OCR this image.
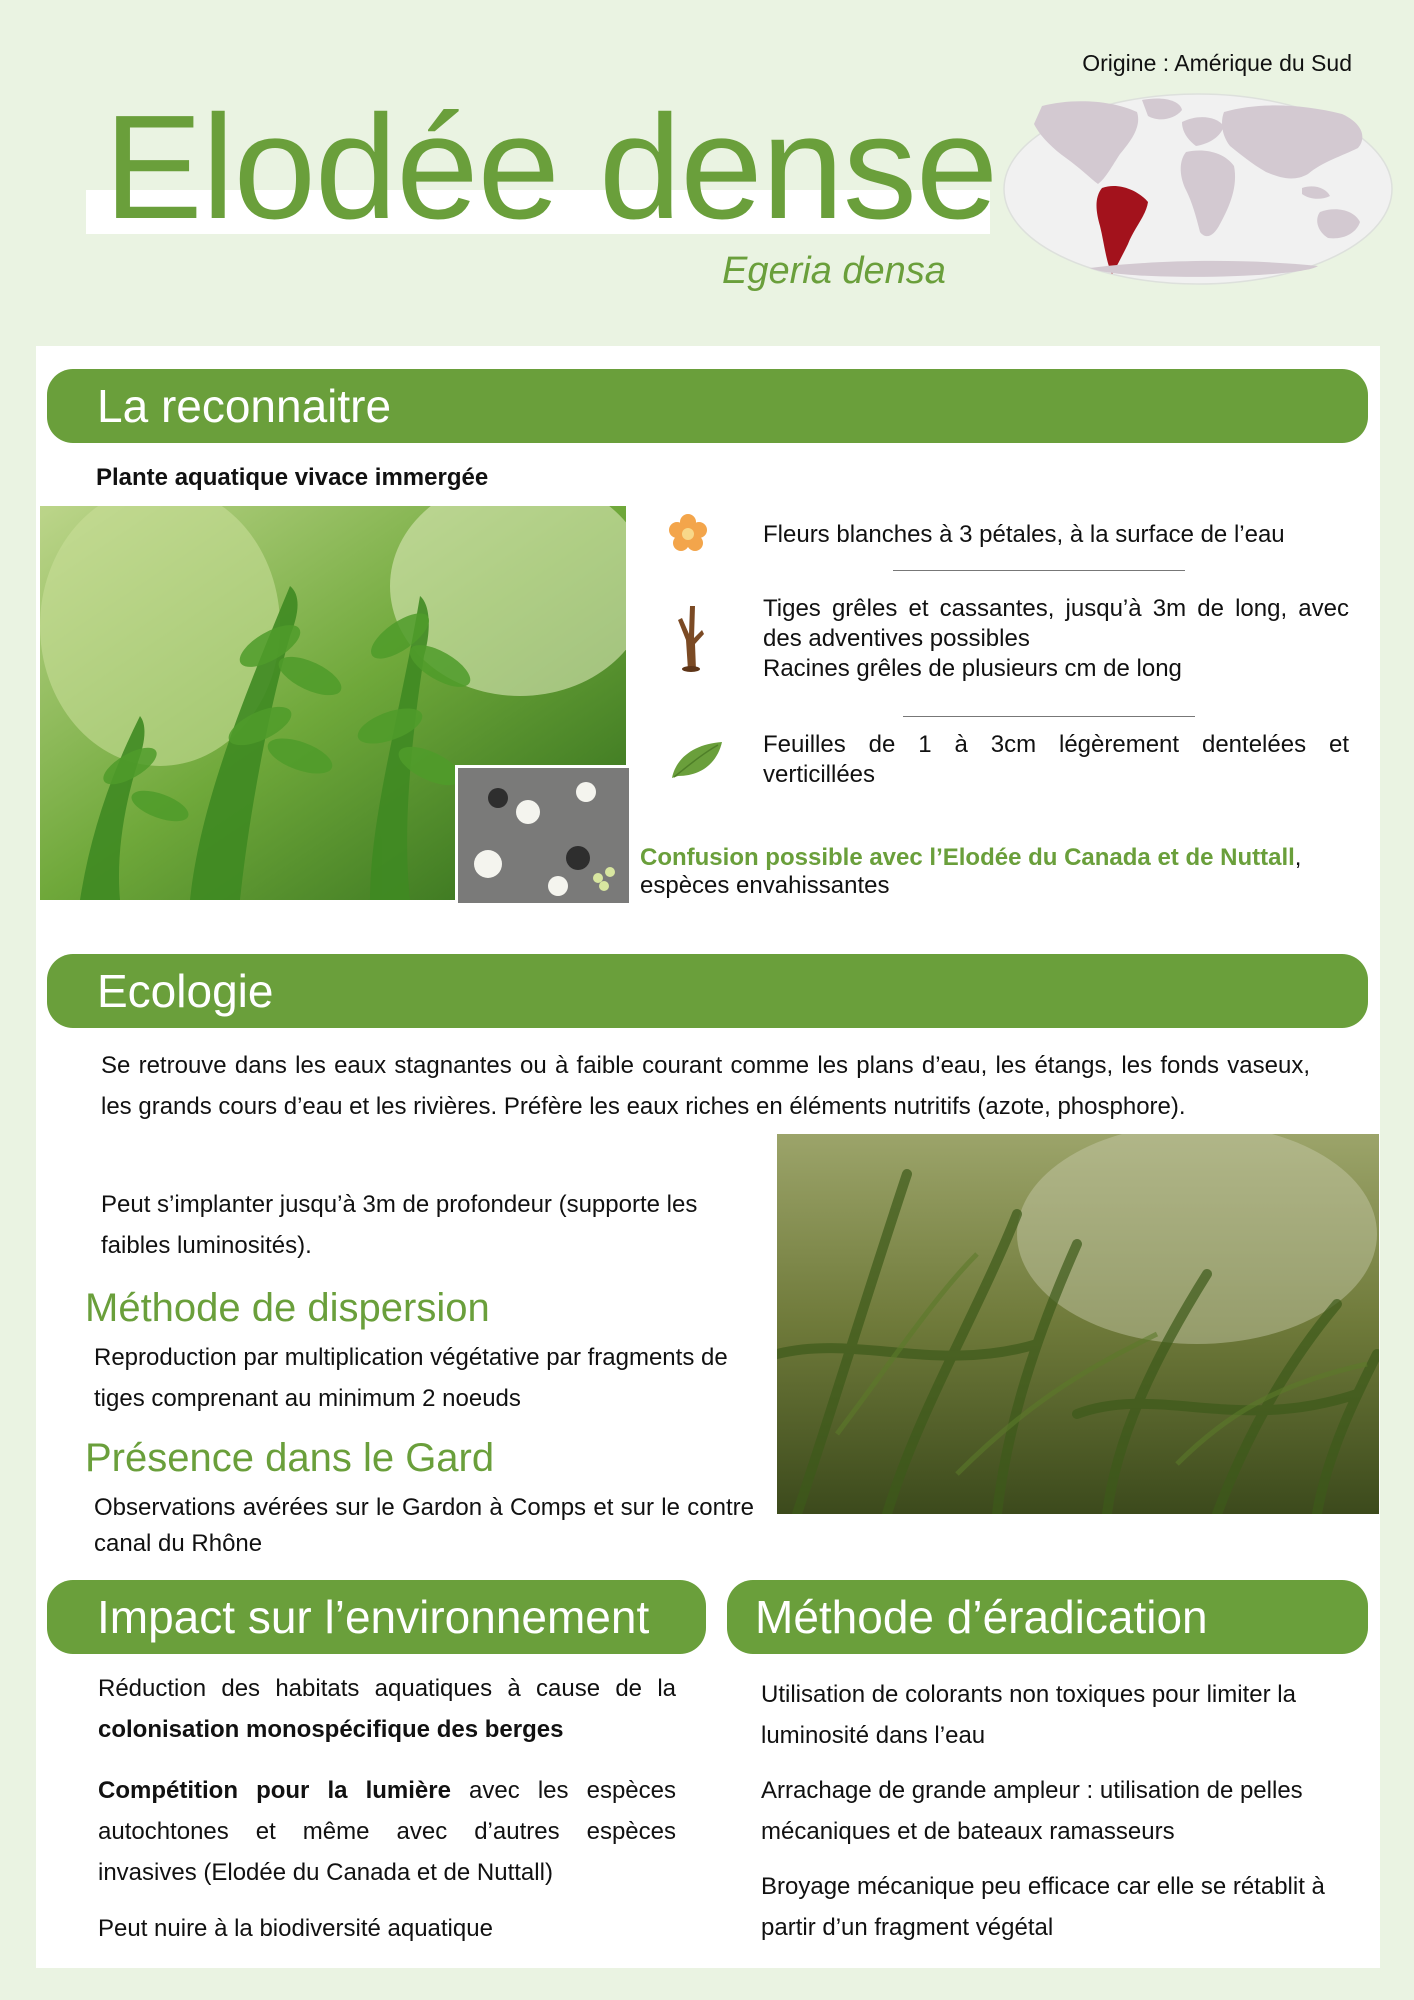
Origine : Amérique du Sud
Elodée dense
Egeria densa
La reconnaitre
Plante aquatique vivace immergée
Fleurs blanches à 3 pétales, à la surface de l’eau
Tiges grêles et cassantes, jusqu’à 3m de long, avec des adventives possibles
Racines grêles de plusieurs cm de long
Feuilles de 1 à 3cm légèrement dentelées et verticillées
Confusion possible avec l’Elodée du Canada et de Nuttall, espèces envahissantes
Ecologie
Se retrouve dans les eaux stagnantes ou à faible courant comme les plans d’eau, les étangs, les fonds vaseux, les grands cours d’eau et les rivières. Préfère les eaux riches en éléments nutritifs (azote, phosphore).
Peut s’implanter jusqu’à 3m de profondeur (supporte les faibles luminosités).
Méthode de dispersion
Reproduction par multiplication végétative par fragments de tiges comprenant au minimum 2 noeuds
Présence dans le Gard
Observations avérées sur le Gardon à Comps et sur le contre canal du Rhône
Impact sur l’environnement
Réduction des habitats aquatiques à cause de la colonisation monospécifique des berges
Compétition pour la lumière avec les espèces autochtones et même avec d’autres espèces invasives (Elodée du Canada et de Nuttall)
Peut nuire à la biodiversité aquatique
Méthode d’éradication
Utilisation de colorants non toxiques pour limiter la luminosité dans l’eau
Arrachage de grande ampleur : utilisation de pelles mécaniques et de bateaux ramasseurs
Broyage mécanique peu efficace car elle se rétablit à partir d’un fragment végétal
